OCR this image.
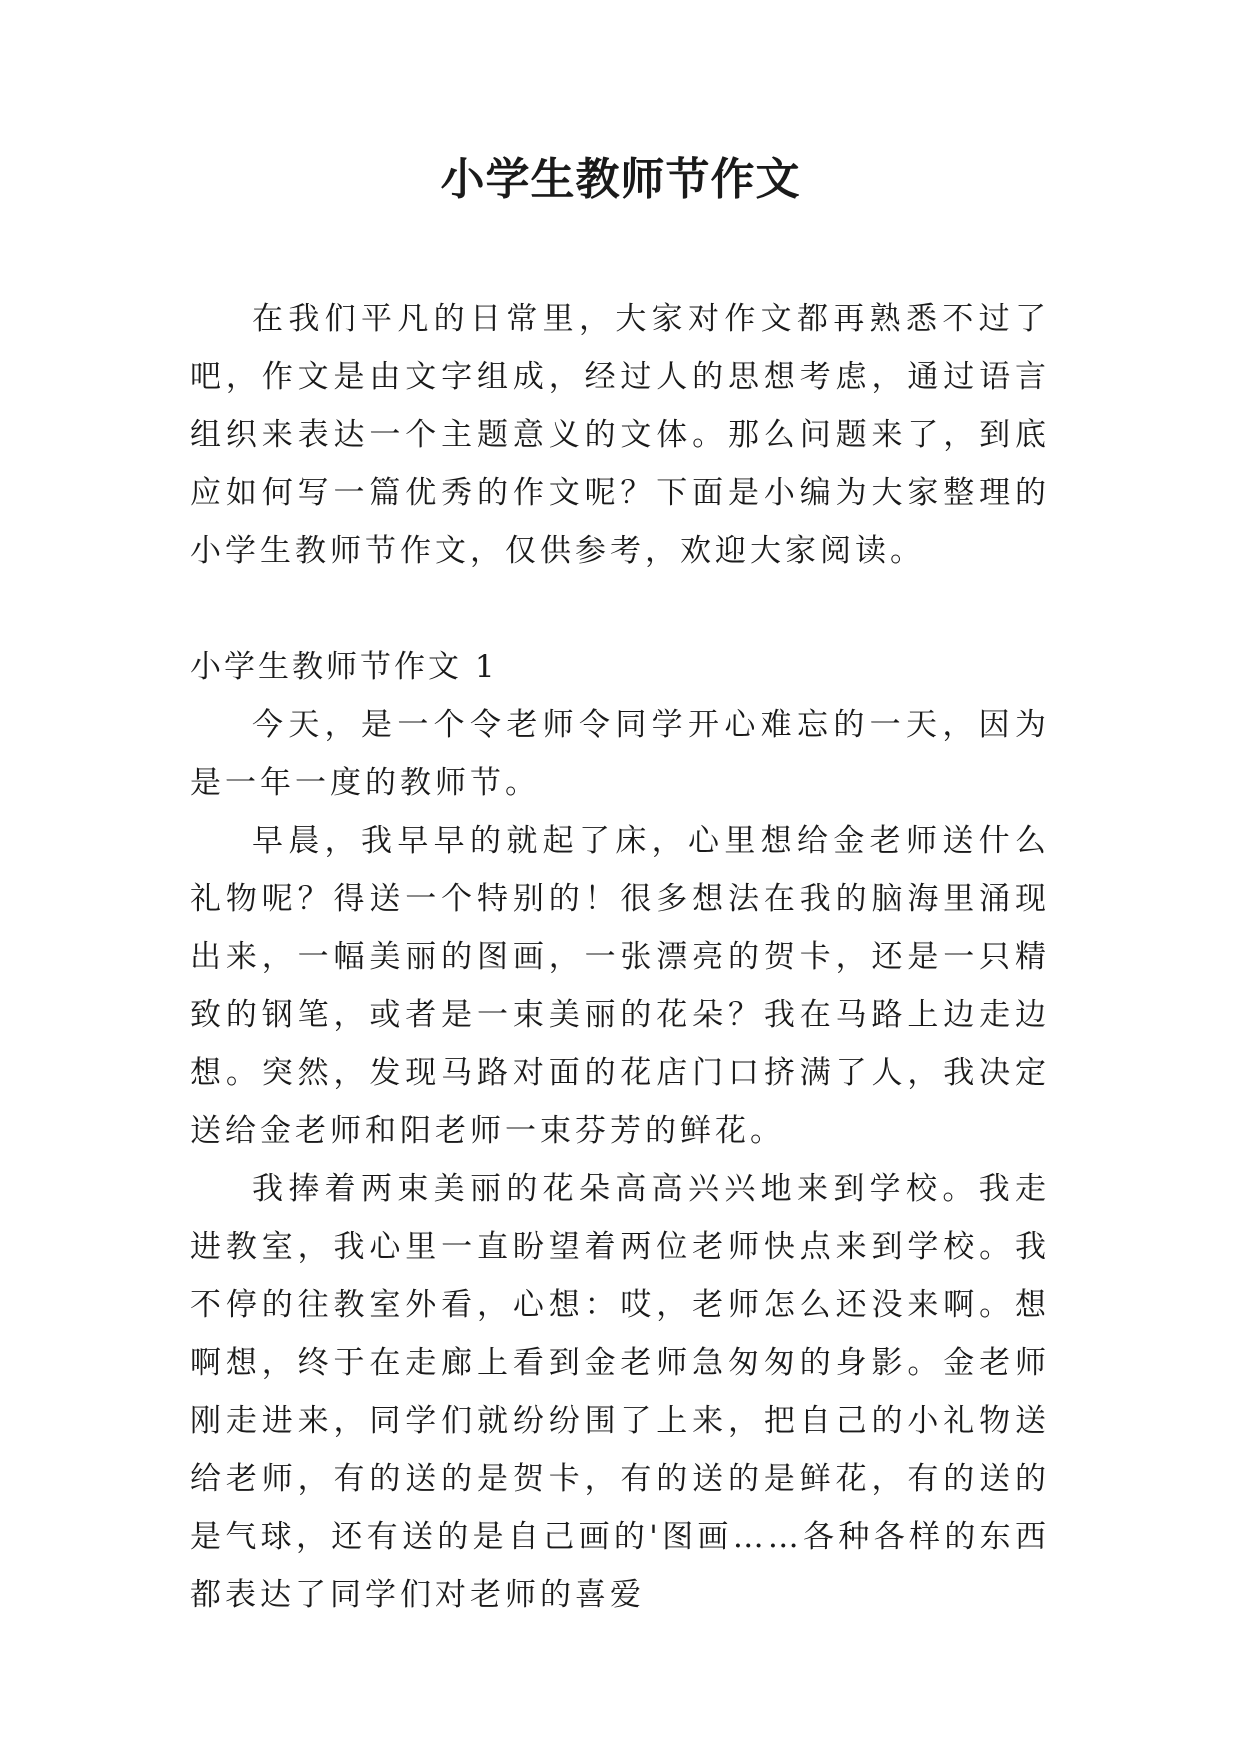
小学生教师节作文

在我们平凡的日常里，大家对作文都再熟悉不过了吧，作文是由文字组成，经过人的思想考虑，通过语言组织来表达一个主题意义的文体。那么问题来了，到底应如何写一篇优秀的作文呢？下面是小编为大家整理的小学生教师节作文，仅供参考，欢迎大家阅读。

小学生教师节作文 1

今天，是一个令老师令同学开心难忘的一天，因为是一年一度的教师节。

早晨，我早早的就起了床，心里想给金老师送什么礼物呢？得送一个特别的！很多想法在我的脑海里涌现出来，一幅美丽的图画，一张漂亮的贺卡，还是一只精致的钢笔，或者是一束美丽的花朵？我在马路上边走边想。突然，发现马路对面的花店门口挤满了人，我决定送给金老师和阳老师一束芬芳的鲜花。

我捧着两束美丽的花朵高高兴兴地来到学校。我走进教室，我心里一直盼望着两位老师快点来到学校。我不停的往教室外看，心想：哎，老师怎么还没来啊。想啊想，终于在走廊上看到金老师急匆匆的身影。金老师刚走进来，同学们就纷纷围了上来，把自己的小礼物送给老师，有的送的是贺卡，有的送的是鲜花，有的送的是气球，还有送的是自己画的'图画……各种各样的东西都表达了同学们对老师的喜爱
